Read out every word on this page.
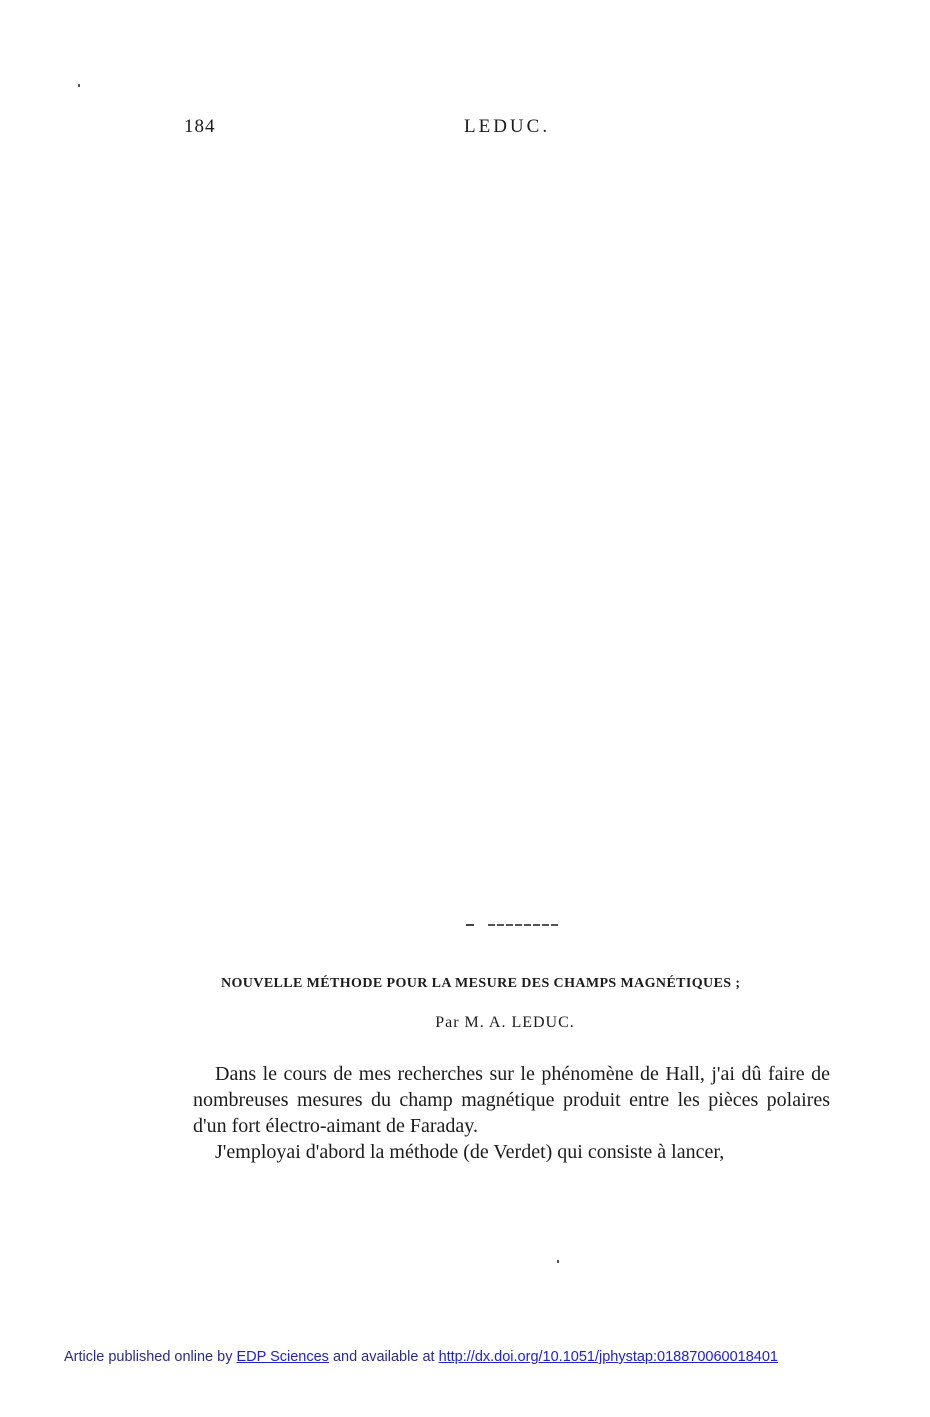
184	LEDUC.
NOUVELLE MÉTHODE POUR LA MESURE DES CHAMPS MAGNÉTIQUES ;
Par M. A. LEDUC.

Dans le cours de mes recherches sur le phénomène de Hall, j'ai dû faire de nombreuses mesures du champ magnétique produit entre les pièces polaires d'un fort électro-aimant de Faraday.

J'employai d'abord la méthode (de Verdet) qui consiste à lancer,

Article published online by EDP Sciences and available at http://dx.doi.org/10.1051/jphystap:018870060018401
